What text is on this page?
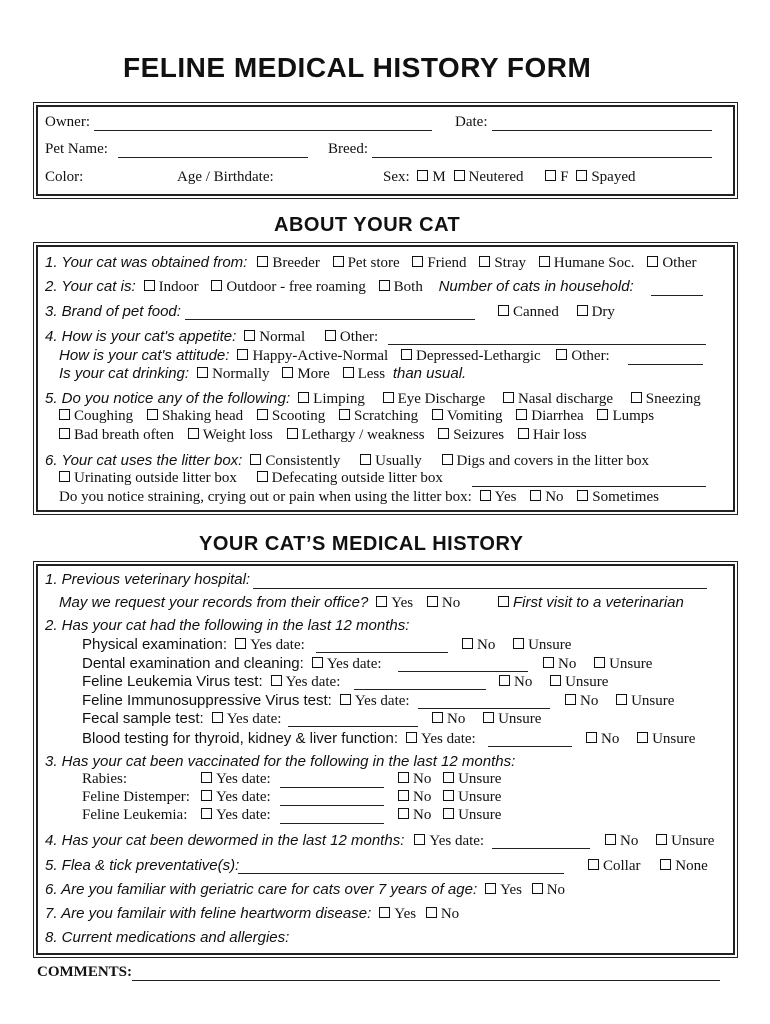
FELINE MEDICAL HISTORY FORM
Owner:	Date:
Pet Name:	Breed:
Color:	Age / Birthdate:	Sex: M Neutered F Spayed
ABOUT YOUR CAT
1. Your cat was obtained from: Breeder Pet store Friend Stray Humane Soc. Other
2. Your cat is: Indoor Outdoor - free roaming Both Number of cats in household:
3. Brand of pet food:	Canned Dry
4. How is your cat's appetite: Normal Other:
How is your cat's attitude: Happy-Active-Normal Depressed-Lethargic Other:
Is your cat drinking: Normally More Less than usual.
5. Do you notice any of the following: Limping Eye Discharge Nasal discharge Sneezing
Coughing Shaking head Scooting Scratching Vomiting Diarrhea Lumps
Bad breath often Weight loss Lethargy / weakness Seizures Hair loss
6. Your cat uses the litter box: Consistently Usually Digs and covers in the litter box
Urinating outside litter box Defecating outside litter box
Do you notice straining, crying out or pain when using the litter box: Yes No Sometimes
YOUR CAT’S MEDICAL HISTORY
1. Previous veterinary hospital:
May we request your records from their office? Yes No	First visit to a veterinarian
2. Has your cat had the following in the last 12 months:
Physical examination: Yes date:	No Unsure
Dental examination and cleaning: Yes date:	No Unsure
Feline Leukemia Virus test: Yes date:	No Unsure
Feline Immunosuppressive Virus test: Yes date:	No Unsure
Fecal sample test: Yes date:	No Unsure
Blood testing for thyroid, kidney & liver function: Yes date:	No Unsure
3. Has your cat been vaccinated for the following in the last 12 months:
Rabies:	Yes date:	No Unsure
Feline Distemper:	Yes date:	No Unsure
Feline Leukemia:	Yes date:	No Unsure
4. Has your cat been dewormed in the last 12 months: Yes date:	No Unsure
5. Flea & tick preventative(s):	Collar None
6. Are you familiar with geriatric care for cats over 7 years of age: Yes No
7. Are you familair with feline heartworm disease: Yes No
8. Current medications and allergies:
COMMENTS:
